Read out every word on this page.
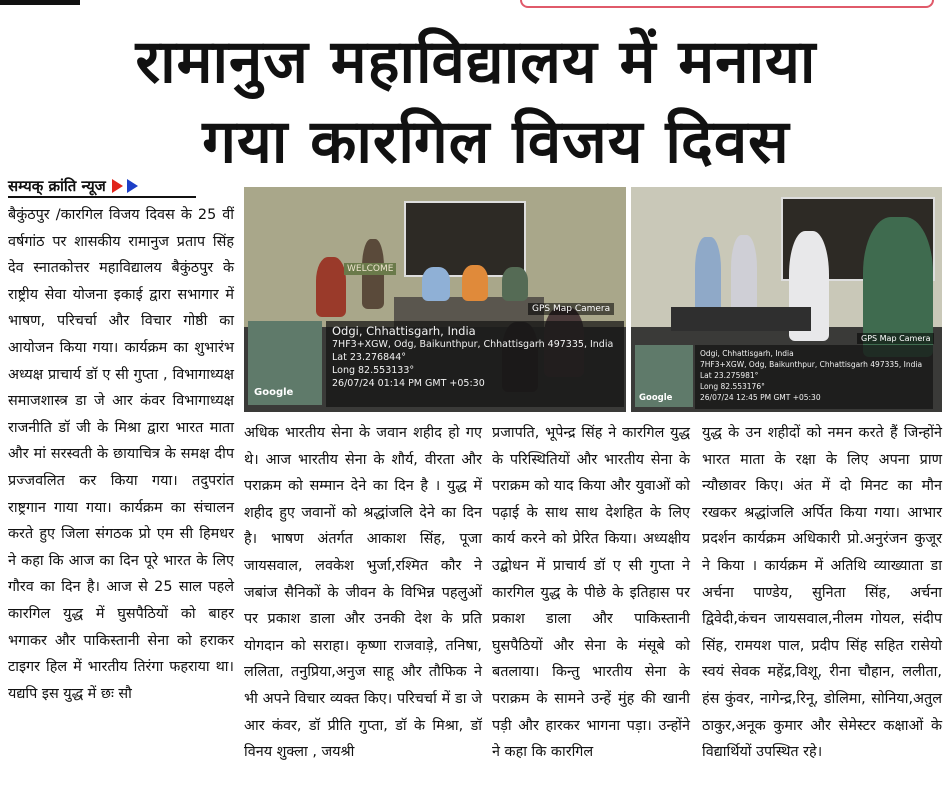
रामानुज महाविद्यालय में मनाया
गया कारगिल विजय दिवस
सम्यक् क्रांति न्यूज
बैकुंठपुर /कारगिल विजय दिवस के 25 वीं वर्षगांठ पर शासकीय रामानुज प्रताप सिंह देव स्नातकोत्तर महाविद्यालय बैकुंठपुर के राष्ट्रीय सेवा योजना इकाई द्वारा सभागार में भाषण, परिचर्चा और विचार गोष्ठी का आयोजन किया गया। कार्यक्रम का शुभारंभ अध्यक्ष प्राचार्य डॉ ए सी गुप्ता , विभागाध्यक्ष समाजशास्त्र डा जे आर कंवर विभागाध्यक्ष राजनीति डॉ जी के मिश्रा द्वारा भारत माता और मां सरस्वती के छायाचित्र के समक्ष दीप प्रज्जवलित कर किया गया। तदुपरांत राष्ट्रगान गाया गया। कार्यक्रम का संचालन करते हुए जिला संगठक प्रो एम सी हिमधर ने कहा कि आज का दिन पूरे भारत के लिए गौरव का दिन है। आज से 25 साल पहले कारगिल युद्ध में घुसपैठियों को बाहर भगाकर और पाकिस्तानी सेना को हराकर टाइगर हिल में भारतीय तिरंगा फहराया था। यद्यपि इस युद्ध में छः सौ
WELCOME
Google
GPS Map Camera
Odgi, Chhattisgarh, India
7HF3+XGW, Odg, Baikunthpur, Chhattisgarh 497335, India
Lat 23.276844°
Long 82.553133°
26/07/24 01:14 PM GMT +05:30
Google
GPS Map Camera
Odgi, Chhattisgarh, India
7HF3+XGW, Odg, Baikunthpur, Chhattisgarh 497335, India
Lat 23.275981°
Long 82.553176°
26/07/24 12:45 PM GMT +05:30
अधिक भारतीय सेना के जवान शहीद हो गए थे। आज भारतीय सेना के शौर्य, वीरता और पराक्रम को सम्मान देने का दिन है । युद्ध में शहीद हुए जवानों को श्रद्धांजलि देने का दिन है। भाषण अंतर्गत आकाश सिंह, पूजा जायसवाल, लवकेश भुर्जा,रश्मित कौर ने जबांज सैनिकों के जीवन के विभिन्न पहलुओं पर प्रकाश डाला और उनकी देश के प्रति योगदान को सराहा। कृष्णा राजवाड़े, तनिषा, ललिता, तनुप्रिया,अनुज साहू और तौफिक ने भी अपने विचार व्यक्त किए। परिचर्चा में डा जे आर कंवर, डॉ प्रीति गुप्ता, डॉ के मिश्रा, डॉ विनय शुक्ला , जयश्री
प्रजापति, भूपेन्द्र सिंह ने कारगिल युद्ध के परिस्थितियों और भारतीय सेना के पराक्रम को याद किया और युवाओं को पढ़ाई के साथ साथ देशहित के लिए कार्य करने को प्रेरित किया। अध्यक्षीय उद्बोधन में प्राचार्य डॉ ए सी गुप्ता ने कारगिल युद्ध के पीछे के इतिहास पर प्रकाश डाला और पाकिस्तानी घुसपैठियों और सेना के मंसूबे को बतलाया। किन्तु भारतीय सेना के पराक्रम के सामने उन्हें मुंह की खानी पड़ी और हारकर भागना पड़ा। उन्होंने ने कहा कि कारगिल
युद्ध के उन शहीदों को नमन करते हैं जिन्होंने भारत माता के रक्षा के लिए अपना प्राण न्यौछावर किए। अंत में दो मिनट का मौन रखकर श्रद्धांजलि अर्पित किया गया। आभार प्रदर्शन कार्यक्रम अधिकारी प्रो.अनुरंजन कुजूर ने किया । कार्यक्रम में अतिथि व्याख्याता डा अर्चना पाण्डेय, सुनिता सिंह, अर्चना द्विवेदी,कंचन जायसवाल,नीलम गोयल, संदीप सिंह, रामयश पाल, प्रदीप सिंह सहित रासेयो स्वयं सेवक महेंद्र,विशू, रीना चौहान, ललीता, हंस कुंवर, नागेन्द्र,रिनू, डोलिमा, सोनिया,अतुल ठाकुर,अनूक कुमार और सेमेस्टर कक्षाओं के विद्यार्थियों उपस्थित रहे।
